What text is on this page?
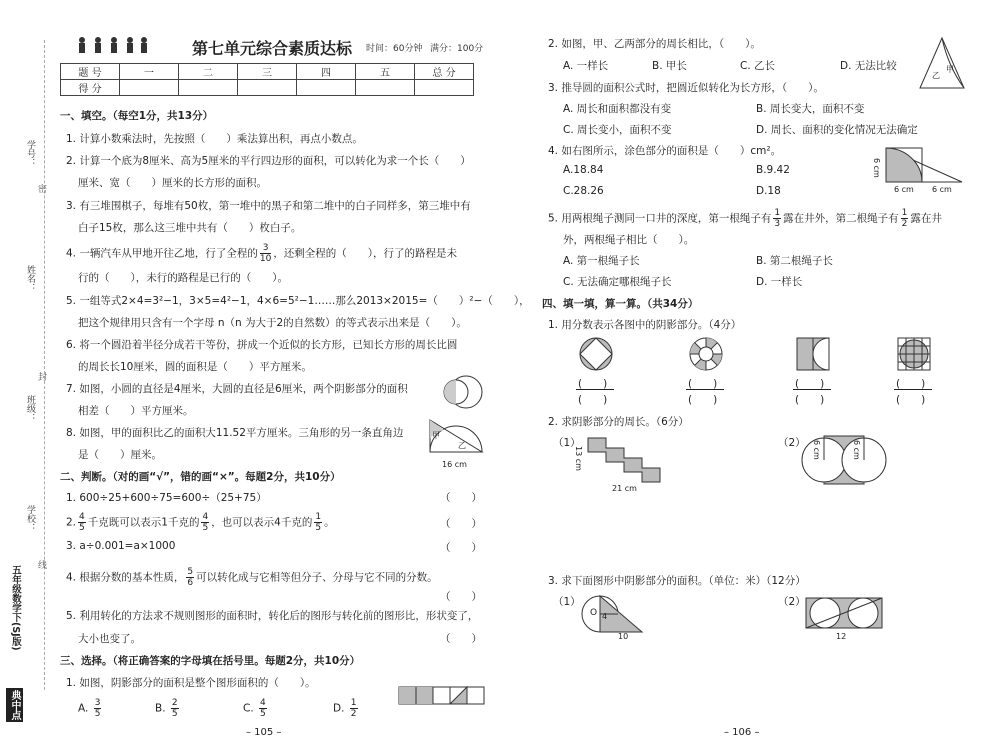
学号：
姓名：
班级：
学校：
密
封
线
五年级数学下(SJ版)
典中点
第七单元综合素质达标 时间：60分钟 满分：100分
题 号	一	二	三	四	五	总 分
得 分						
一、填空。（每空1分，共13分）
1. 计算小数乘法时，先按照（　　）乘法算出积，再点小数点。
2. 计算一个底为8厘米、高为5厘米的平行四边形的面积，可以转化为求一个长（　　）
厘米、宽（　　）厘米的长方形的面积。
3. 有三堆围棋子，每堆有50枚，第一堆中的黑子和第二堆中的白子同样多，第三堆中有
白子15枚，那么这三堆中共有（　　）枚白子。
4. 一辆汽车从甲地开往乙地，行了全程的 $\frac{3}{10}$ ，还剩全程的（　　），行了的路程是未
行的（　　），未行的路程是已行的（　　）。
5. 一组等式2×4=3²−1，3×5=4²−1，4×6=5²−1……那么2013×2015=（　　）²−（　　），
把这个规律用只含有一个字母 n（n 为大于2的自然数）的等式表示出来是（　　）。
6. 将一个圆沿着半径分成若干等份，拼成一个近似的长方形，已知长方形的周长比圆
的周长长10厘米，圆的面积是（　　）平方厘米。
7. 如图，小圆的直径是4厘米，大圆的直径是6厘米，两个阴影部分的面积
相差（　　）平方厘米。
8. 如图，甲的面积比乙的面积大11.52平方厘米。三角形的另一条直角边
是（　　）厘米。
甲
乙
16 cm
二、判断。（对的画“√”，错的画“×”。每题2分，共10分）
1. 600÷25+600÷75=600÷（25+75）	（　　）
2. $\frac{4}{5}$ 千克既可以表示1千克的 $\frac{4}{5}$ ，也可以表示4千克的 $\frac{1}{5}$ 。	（　　）
3. a÷0.001=a×1000	（　　）
4. 根据分数的基本性质， $\frac{5}{6}$ 可以转化成与它相等但分子、分母与它不同的分数。
（　　）
5. 利用转化的方法求不规则图形的面积时，转化后的图形与转化前的图形比，形状变了，
大小也变了。	（　　）
三、选择。（将正确答案的字母填在括号里。每题2分，共10分）
1. 如图，阴影部分的面积是整个图形面积的（　　）。
A. $\frac{3}{5}$	B. $\frac{2}{5}$	C. $\frac{4}{5}$	D. $\frac{1}{2}$
– 105 –
2. 如图，甲、乙两部分的周长相比，（　　）。
A. 一样长	B. 甲长	C. 乙长	D. 无法比较
乙
甲
3. 推导圆的面积公式时，把圆近似转化为长方形，（　　）。
A. 周长和面积都没有变	B. 周长变大，面积不变
C. 周长变小，面积不变	D. 周长、面积的变化情况无法确定
4. 如右图所示，涂色部分的面积是（　　）cm²。
A.18.84	B.9.42
C.28.26	D.18
6 cm
6 cm 6 cm
5. 用两根绳子测同一口井的深度，第一根绳子有 $\frac{1}{3}$ 露在井外，第二根绳子有 $\frac{1}{2}$ 露在井
外，两根绳子相比（　　）。
A. 第一根绳子长	B. 第二根绳子长
C. 无法确定哪根绳子长	D. 一样长
四、填一填，算一算。（共34分）
1. 用分数表示各图中的阴影部分。（4分）
(　　)
(　　)
(　　)
(　　)
(　　)
(　　)
(　　)
(　　)
2. 求阴影部分的周长。（6分）
（1）	（2）
13 cm
21 cm
6 cm	6 cm
3. 求下面图形中阴影部分的面积。（单位：米）（12分）
（1）	（2）
O 4
10	12
– 106 –
